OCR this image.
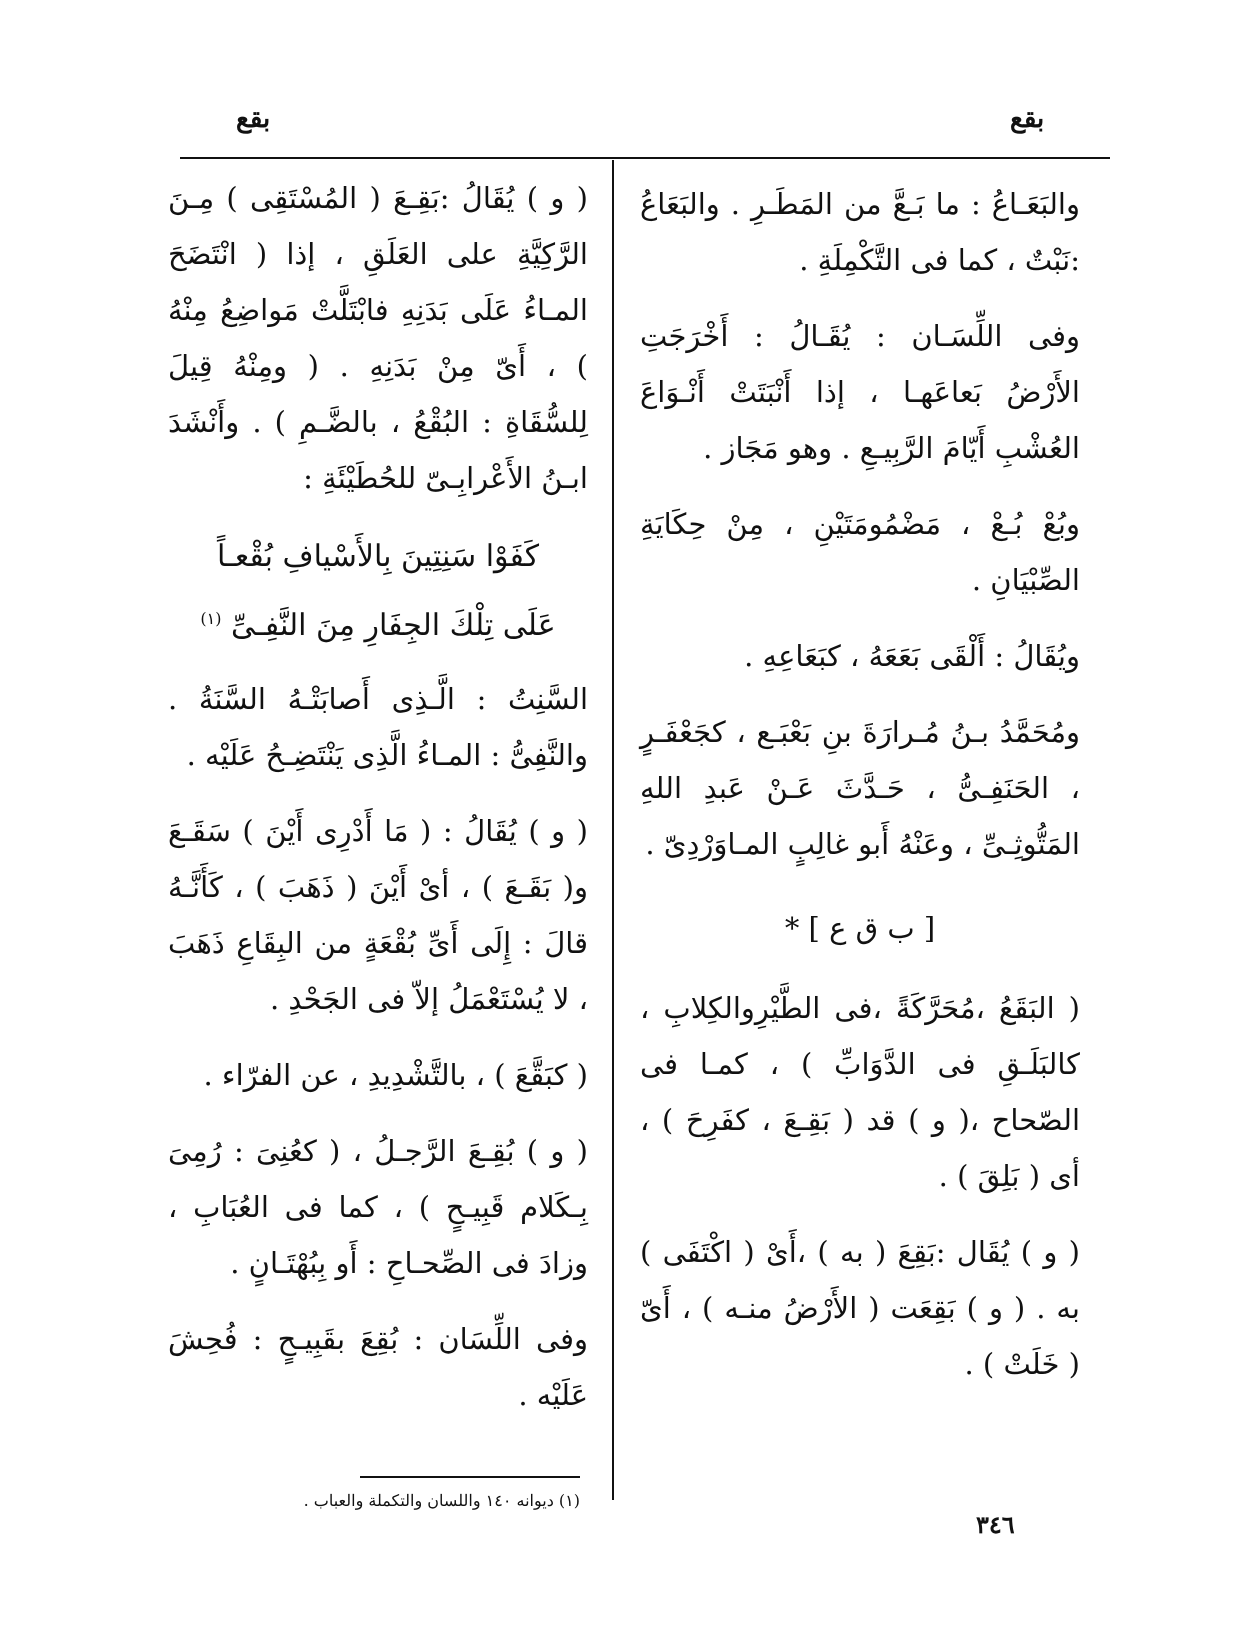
بقع
بقع

والبَعَـاعُ : ما بَـعَّ من المَطَـرِ . والبَعَاعُ :نَبْتٌ ، كما فى التَّكْمِلَةِ .

وفى اللِّسَـان : يُقَـالُ : أَخْرَجَتِ الأَرْضُ بَعاعَهـا ، إذا أَنْبَتَتْ أَنْـوَاعَ العُشْبِ أَيّامَ الرَّبِيـعِ . وهو مَجَاز .

وبُعْ بُـعْ ، مَضْمُومَتَيْنِ ، مِنْ حِكَايَةِ الصِّبْيَانِ .

ويُقَالُ : أَلْقَى بَعَعَهُ ، كبَعَاعِهِ .

ومُحَمَّدُ بـنُ مُـرارَةَ بنِ بَعْبَـع ، كجَعْفَـرٍ ، الحَنَفِـىُّ ، حَـدَّثَ عَـنْ عَبدِ اللهِ المَتُّوثِـىِّ ، وعَنْهُ أَبو غالِبٍ المـاوَرْدِىّ .

[ ب ق ع ] *

( البَقَعُ ،مُحَرَّكَةً ،فى الطَّيْرِوالكِلابِ ، كالبَلَـقِ فى الدَّوَابِّ ) ، كمـا فى الصّحاح ،( و ) قد ( بَقِـعَ ، كفَرِحَ ) ، أى ( بَلِقَ ) .

( و ) يُقَال :بَقِعَ ( به ) ،أَىْ ( اكْتَفَى ) به . ( و ) بَقِعَت ( الأَرْضُ منـه ) ، أَىّ ( خَلَتْ ) .

( و ) يُقَالُ :بَقِـعَ ( المُسْتَقِى ) مِـنَ الرَّكِيَّةِ على العَلَقِ ، إذا ( انْتَضَحَ المـاءُ عَلَى بَدَنِهِ فابْتَلَّتْ مَواضِعُ مِنْهُ ) ، أَىّ مِنْ بَدَنِهِ . ( ومِنْهُ قِيلَ لِلسُّقَاةِ : البُقْعُ ، بالضَّـمِ ) . وأَنْشَدَ ابـنُ الأَعْرابِـىّ للحُطَيْئَةِ :

كَفَوْا سَنِتِينَ بِالأَسْيافِ بُقْعـاً
عَلَى تِلْكَ الجِفَارِ مِنَ النَّفِـىِّ $^{(١)}$

السَّنِتُ : الَّـذِى أَصابَتْـهُ السَّنَةُ . والنَّفِىُّ : المـاءُ الَّذِى يَنْتَضِـحُ عَلَيْه .

( و ) يُقَالُ : ( مَا أَدْرِى أَيْنَ ) سَقَـعَ و( بَقَـعَ ) ، أىْ أَيْنَ ( ذَهَبَ ) ، كَأَنَّـهُ قالَ : إِلَى أَىِّ بُقْعَةٍ من البِقَاعِ ذَهَبَ ، لا يُسْتَعْمَلُ إلاّ فى الجَحْدِ .

( كبَقَّعَ ) ، بالتَّشْدِيدِ ، عن الفرّاء .

( و ) بُقِـعَ الرَّجـلُ ، ( كعُنِىَ : رُمِىَ بِـكَلام قَبِيـحٍ ) ، كما فى العُبَابِ ، وزادَ فى الصِّحـاحِ : أَو بِبُهْتَـانٍ .

وفى اللِّسَان : بُقِعَ بقَبِيـحٍ : فُحِشَ عَلَيْه .

(١) ديوانه ١٤٠ واللسان والتكملة والعباب .
٣٤٦
